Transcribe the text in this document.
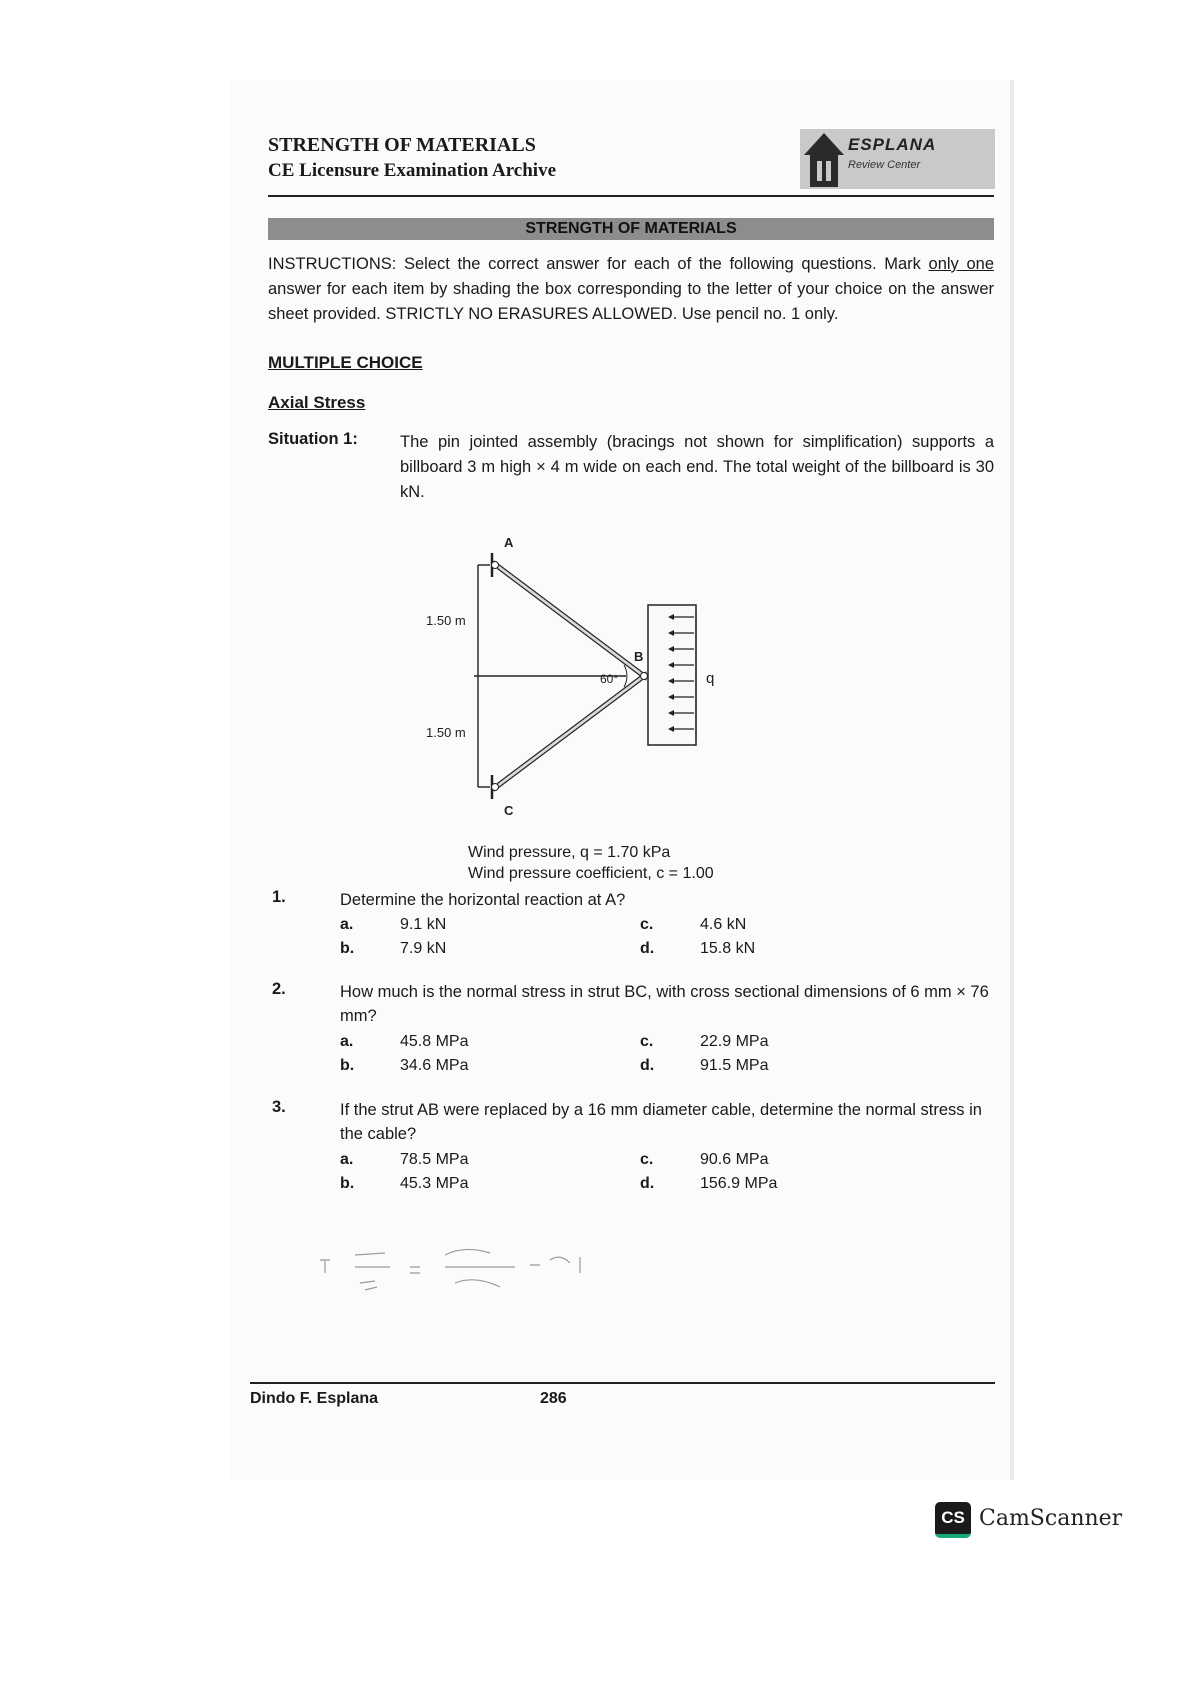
STRENGTH OF MATERIALS
CE Licensure Examination Archive
ESPLANA
Review Center
STRENGTH OF MATERIALS
INSTRUCTIONS: Select the correct answer for each of the following questions. Mark only one answer for each item by shading the box corresponding to the letter of your choice on the answer sheet provided. STRICTLY NO ERASURES ALLOWED. Use pencil no. 1 only.
MULTIPLE CHOICE
Axial Stress
Situation 1:	The pin jointed assembly (bracings not shown for simplification) supports a billboard 3 m high × 4 m wide on each end. The total weight of the billboard is 30 kN.
A
B
C
q
1.50 m
1.50 m
60°
Wind pressure, q = 1.70 kPa
Wind pressure coefficient, c = 1.00
1.	Determine the horizontal reaction at A?
a.	9.1 kN
b.	7.9 kN
c.	4.6 kN
d.	15.8 kN
2.	How much is the normal stress in strut BC, with cross sectional dimensions of 6 mm × 76 mm?
a.	45.8 MPa
b.	34.6 MPa
c.	22.9 MPa
d.	91.5 MPa
3.	If the strut AB were replaced by a 16 mm diameter cable, determine the normal stress in the cable?
a.	78.5 MPa
b.	45.3 MPa
c.	90.6 MPa
d.	156.9 MPa
Dindo F. Esplana	286
CS CamScanner
